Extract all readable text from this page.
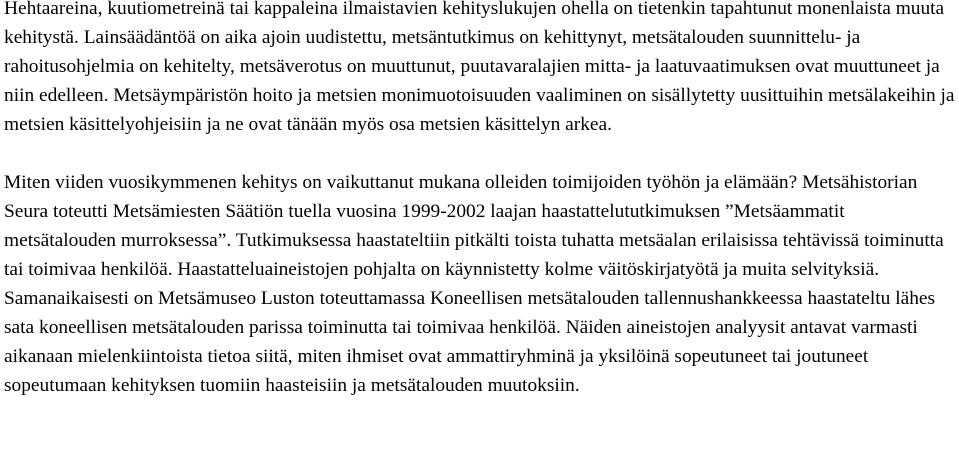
Hehtaareina, kuutiometreinä tai kappaleina ilmaistavien kehityslukujen ohella on tietenkin tapahtunut monenlaista muuta kehitystä. Lainsäädäntöä on aika ajoin uudistettu, metsäntutkimus on kehittynyt, metsätalouden suunnittelu- ja rahoitusohjelmia on kehitelty, metsäverotus on muuttunut, puutavaralajien mitta- ja laatuvaatimuksen ovat muuttuneet ja niin edelleen. Metsäympäristön hoito ja metsien monimuotoisuuden vaaliminen on sisällytetty uusittuihin metsälakeihin ja metsien käsittelyohjeisiin ja ne ovat tänään myös osa metsien käsittelyn arkea.

Miten viiden vuosikymmenen kehitys on vaikuttanut mukana olleiden toimijoiden työhön ja elämään? Metsähistorian Seura toteutti Metsämiesten Säätiön tuella vuosina 1999-2002 laajan haastattelututkimuksen ”Metsäammatit metsätalouden murroksessa”. Tutkimuksessa haastateltiin pitkälti toista tuhatta metsäalan erilaisissa tehtävissä toiminutta tai toimivaa henkilöä. Haastatteluaineistojen pohjalta on käynnistetty kolme väitöskirjatyötä ja muita selvityksiä. Samanaikaisesti on Metsämuseo Luston toteuttamassa Koneellisen metsätalouden tallennushankkeessa haastateltu lähes sata koneellisen metsätalouden parissa toiminutta tai toimivaa henkilöä. Näiden aineistojen analyysit antavat varmasti aikanaan mielenkiintoista tietoa siitä, miten ihmiset ovat ammattiryhminä ja yksilöinä sopeutuneet tai joutuneet sopeutumaan kehityksen tuomiin haasteisiin ja metsätalouden muutoksiin.
